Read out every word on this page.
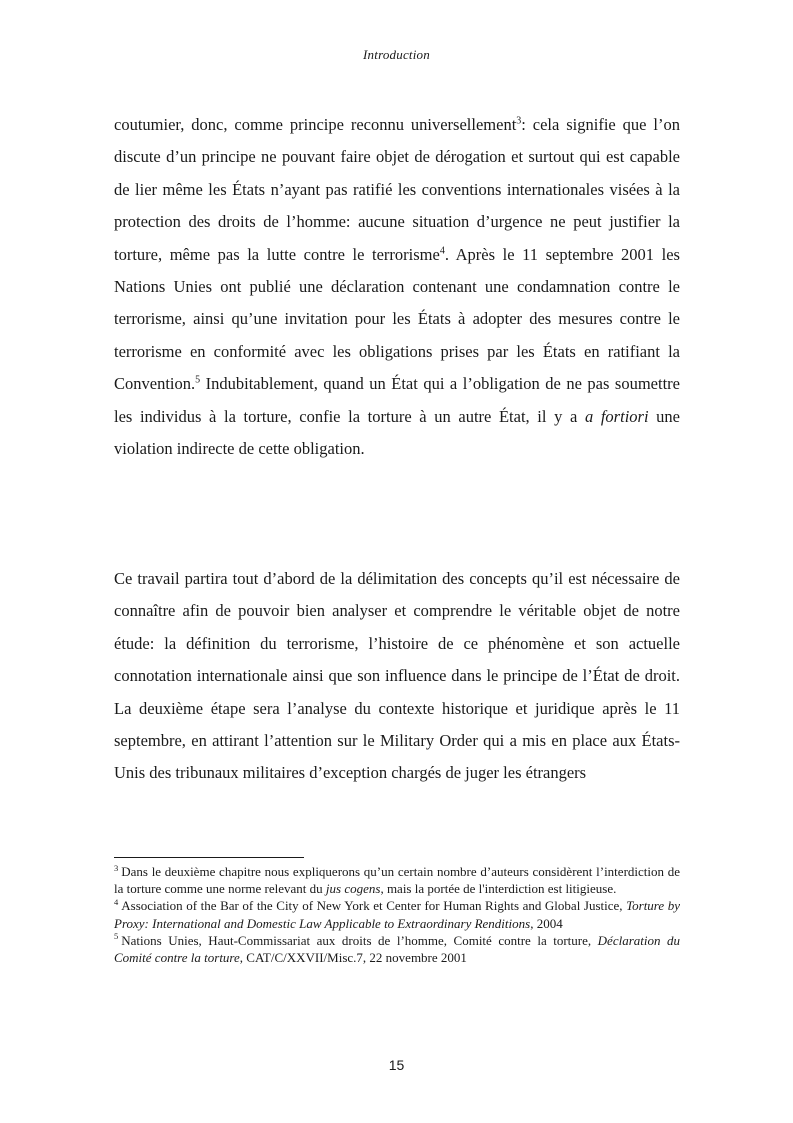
Introduction

coutumier, donc, comme principe reconnu universellement$^3$: cela signifie que l’on discute d’un principe ne pouvant faire objet de dérogation et surtout qui est capable de lier même les États n’ayant pas ratifié les conventions internationales visées à la protection des droits de l’homme: aucune situation d’urgence ne peut justifier la torture, même pas la lutte contre le terrorisme$^4$. Après le 11 septembre 2001 les Nations Unies ont publié une déclaration contenant une condamnation contre le terrorisme, ainsi qu’une invitation pour les États à adopter des mesures contre le terrorisme en conformité avec les obligations prises par les États en ratifiant la Convention.$^5$ Indubitablement, quand un État qui a l’obligation de ne pas soumettre les individus à la torture, confie la torture à un autre État, il y a a fortiori une violation indirecte de cette obligation.

Ce travail partira tout d’abord de la délimitation des concepts qu’il est nécessaire de connaître afin de pouvoir bien analyser et comprendre le véritable objet de notre étude: la définition du terrorisme, l’histoire de ce phénomène et son actuelle connotation internationale ainsi que son influence dans le principe de l’État de droit. La deuxième étape sera l’analyse du contexte historique et juridique après le 11 septembre, en attirant l’attention sur le Military Order qui a mis en place aux États-Unis des tribunaux militaires d’exception chargés de juger les étrangers

$^3$ Dans le deuxième chapitre nous expliquerons qu’un certain nombre d’auteurs considèrent l’interdiction de la torture comme une norme relevant du jus cogens, mais la portée de l'interdiction est litigieuse.

$^4$ Association of the Bar of the City of New York et Center for Human Rights and Global Justice, Torture by Proxy: International and Domestic Law Applicable to Extraordinary Renditions, 2004

$^5$ Nations Unies, Haut-Commissariat aux droits de l’homme, Comité contre la torture, Déclaration du Comité contre la torture, CAT/C/XXVII/Misc.7, 22 novembre 2001

15
